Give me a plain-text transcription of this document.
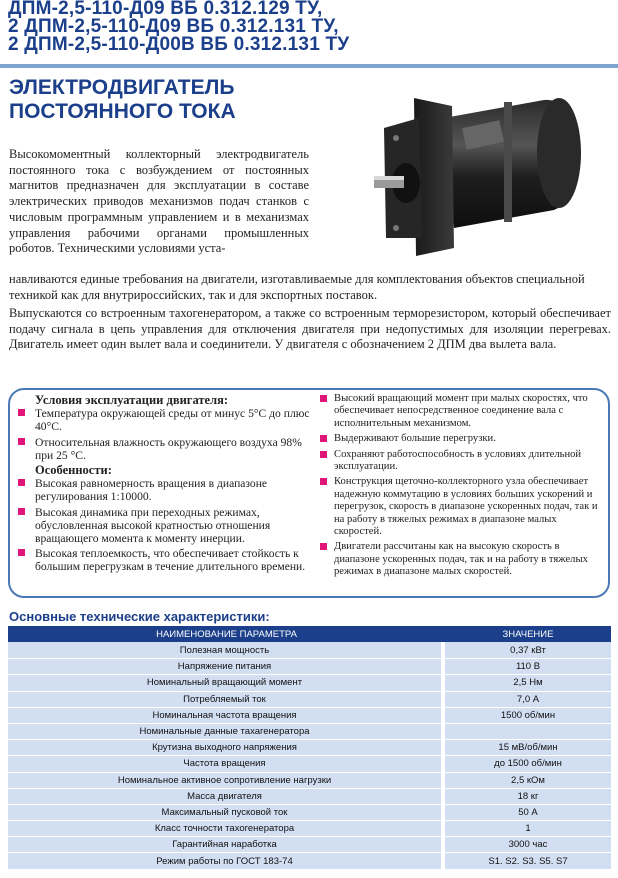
ДПМ-2,5-110-Д09 ВБ 0.312.129 ТУ,
2 ДПМ-2,5-110-Д09 ВБ 0.312.131 ТУ,
2 ДПМ-2,5-110-Д00В ВБ 0.312.131 ТУ
ЭЛЕКТРОДВИГАТЕЛЬ
ПОСТОЯННОГО ТОКА
Высокомоментный коллекторный электродвигатель постоянного тока с возбуждением от постоянных магнитов предназначен для эксплуатации в составе электрических приводов механизмов подач станков с числовым программным управлением и в механизмах управления рабочими органами промышленных роботов. Техническими условиями уста-
навливаются единые требования на двигатели, изготавливаемые для комплектования объектов специальной техникой как для внутрироссийских, так и для экспортных поставок.
Выпускаются со встроенным тахогенератором, а также со встроенным терморезистором, который обеспечивает подачу сигнала в цепь управления для отключения двигателя при недопустимых для изоляции перегревах. Двигатель имеет один вылет вала и соединители. У двигателя с обозначением 2 ДПМ два вылета вала.

Условия эксплуатации двигателя:

Температура окружающей среды от минус 5°С до плюс 40°С.
Относительная влажность окружающего воздуха 98% при 25 °С.

Особенности:

Высокая равномерность вращения в диапазоне регулирования 1:10000.
Высокая динамика при переходных режимах, обусловленная высокой кратностью отношения вращающего момента к моменту инерции.
Высокая теплоемкость, что обеспечивает стойкость к большим перегрузкам в течение длительного времени.
Высокий вращающий момент при малых скоростях, что обеспечивает непосредственное соединение вала с исполнительным механизмом.
Выдерживают большие перегрузки.
Сохраняют работоспособность в условиях длительной эксплуатации.
Конструкция щеточно-коллекторного узла обеспечивает надежную коммутацию в условиях больших ускорений и перегрузок, скорость в диапазоне ускоренных подач, так и на работу в тяжелых режимах в диапазоне малых скоростей.
Двигатели рассчитаны как на высокую скорость в диапазоне ускоренных подач, так и на работу в тяжелых режимах в диапазоне малых скоростей.
Основные технические характеристики:
НАИМЕНОВАНИЕ ПАРАМЕТРА	ЗНАЧЕНИЕ
Полезная мощность	0,37 кВт
Напряжение питания	110 В
Номинальный вращающий момент	2,5 Нм
Потребляемый ток	7,0 А
Номинальная частота вращения	1500 об/мин
Номинальные данные тахагенератора
Крутизна выходного напряжения	15 мВ/об/мин
Частота вращения	до 1500 об/мин
Номинальное активное сопротивление нагрузки	2,5 кОм
Масса двигателя	18 кг
Максимальный пусковой ток	50 А
Класс точности тахогенератора	1
Гарантийная наработка	3000 час
Режим работы по ГОСТ 183-74	S1. S2. S3. S5. S7
